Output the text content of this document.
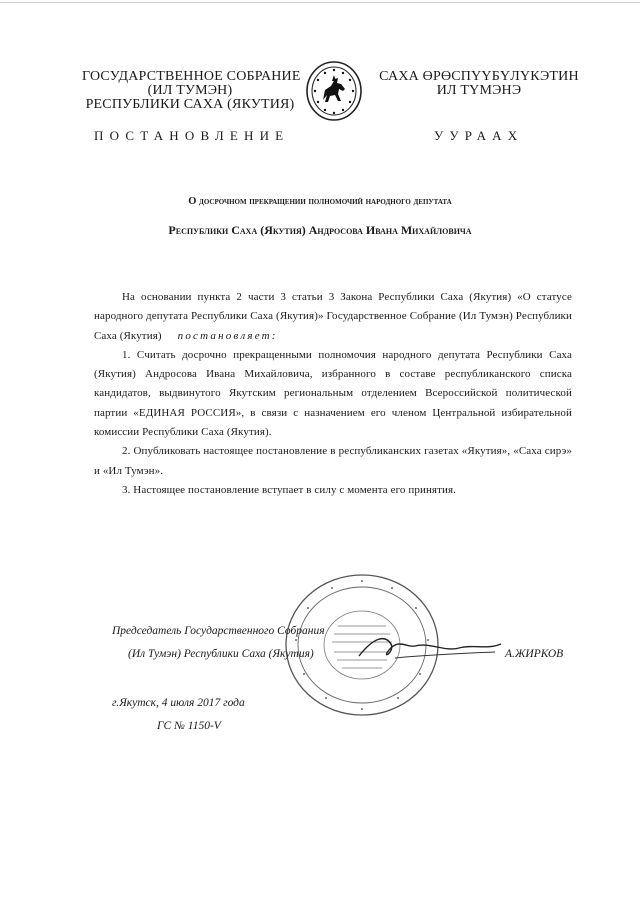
ГОСУДАРСТВЕННОЕ СОБРАНИЕ
(ИЛ ТУМЭН)
РЕСПУБЛИКИ САХА (ЯКУТИЯ)
САХА ӨРӨСПҮҮБҮЛҮКЭТИН
ИЛ ТҮМЭНЭ
ПОСТАНОВЛЕНИЕ	УУРААХ
О досрочном прекращении полномочий народного депутата
Республики Саха (Якутия) Андросова Ивана Михайловича

На основании пункта 2 части 3 статьи 3 Закона Республики Саха (Якутия) «О статусе народного депутата Республики Саха (Якутия)» Государственное Собрание (Ил Тумэн) Республики Саха (Якутия) постановляет:

1. Считать досрочно прекращенными полномочия народного депутата Республики Саха (Якутия) Андросова Ивана Михайловича, избранного в составе республиканского списка кандидатов, выдвинутого Якутским региональным отделением Всероссийской политической партии «ЕДИНАЯ РОССИЯ», в связи с назначением его членом Центральной избирательной комиссии Республики Саха (Якутия).

2. Опубликовать настоящее постановление в республиканских газетах «Якутия», «Саха сирэ» и «Ил Тумэн».

3. Настоящее постановление вступает в силу с момента его принятия.

Председатель Государственного Собрания
(Ил Тумэн) Республики Саха (Якутия)	А.ЖИРКОВ
г.Якутск, 4 июля 2017 года
ГС № 1150-V
